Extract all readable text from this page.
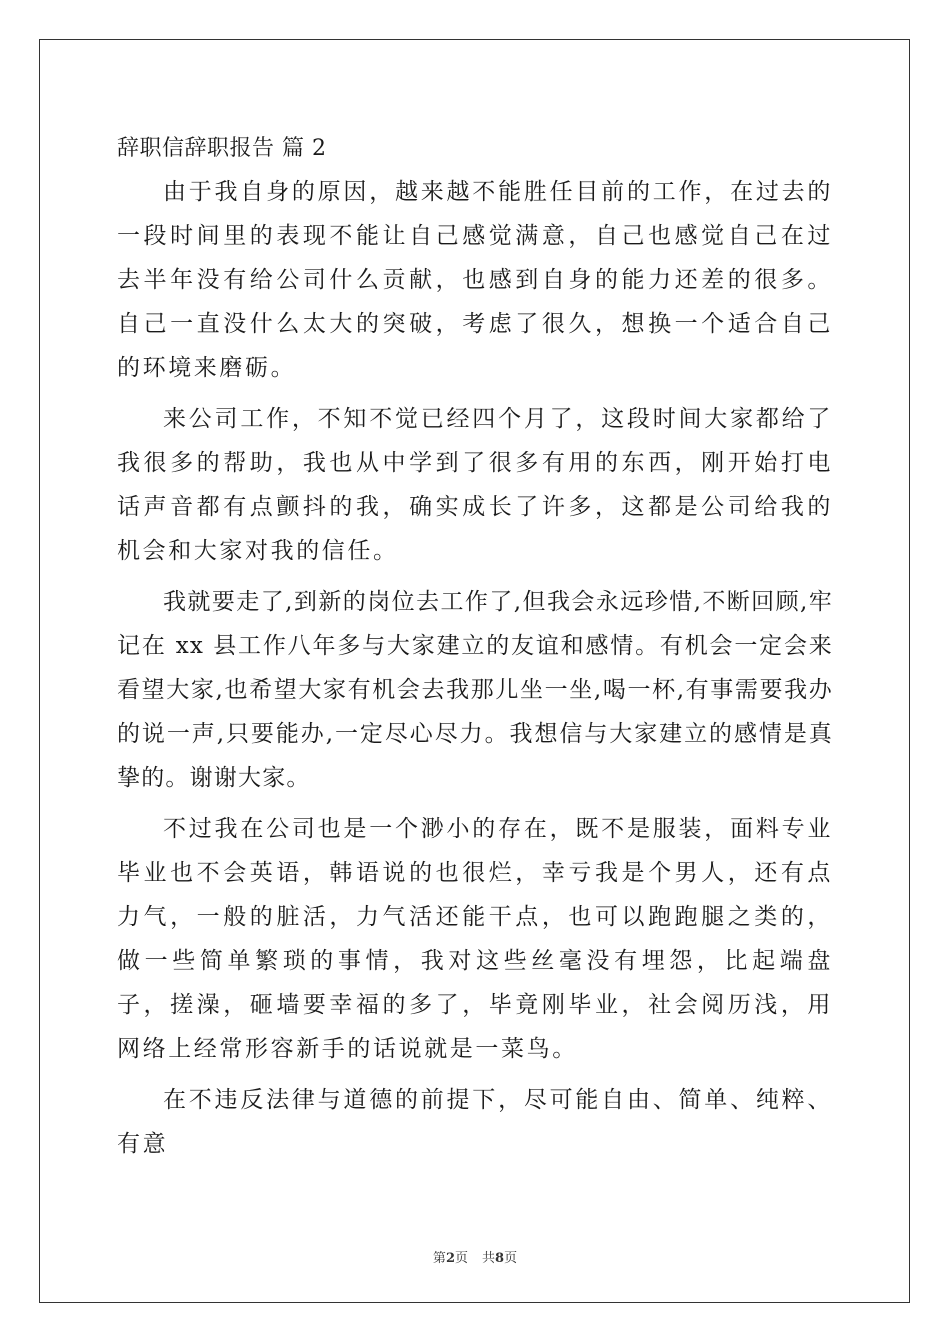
辞职信辞职报告 篇 2

由于我自身的原因，越来越不能胜任目前的工作，在过去的一段时间里的表现不能让自己感觉满意，自己也感觉自己在过去半年没有给公司什么贡献，也感到自身的能力还差的很多。自己一直没什么太大的突破，考虑了很久，想换一个适合自己的环境来磨砺。

来公司工作，不知不觉已经四个月了，这段时间大家都给了我很多的帮助，我也从中学到了很多有用的东西，刚开始打电话声音都有点颤抖的我，确实成长了许多，这都是公司给我的机会和大家对我的信任。

我就要走了,到新的岗位去工作了,但我会永远珍惜,不断回顾,牢记在 xx 县工作八年多与大家建立的友谊和感情。有机会一定会来看望大家,也希望大家有机会去我那儿坐一坐,喝一杯,有事需要我办的说一声,只要能办,一定尽心尽力。我想信与大家建立的感情是真挚的。谢谢大家。

不过我在公司也是一个渺小的存在，既不是服装，面料专业毕业也不会英语，韩语说的也很烂，幸亏我是个男人，还有点力气，一般的脏活，力气活还能干点，也可以跑跑腿之类的，做一些简单繁琐的事情，我对这些丝毫没有埋怨，比起端盘子，搓澡，砸墙要幸福的多了，毕竟刚毕业，社会阅历浅，用网络上经常形容新手的话说就是一菜鸟。

在不违反法律与道德的前提下，尽可能自由、简单、纯粹、有意

第2页 共8页
